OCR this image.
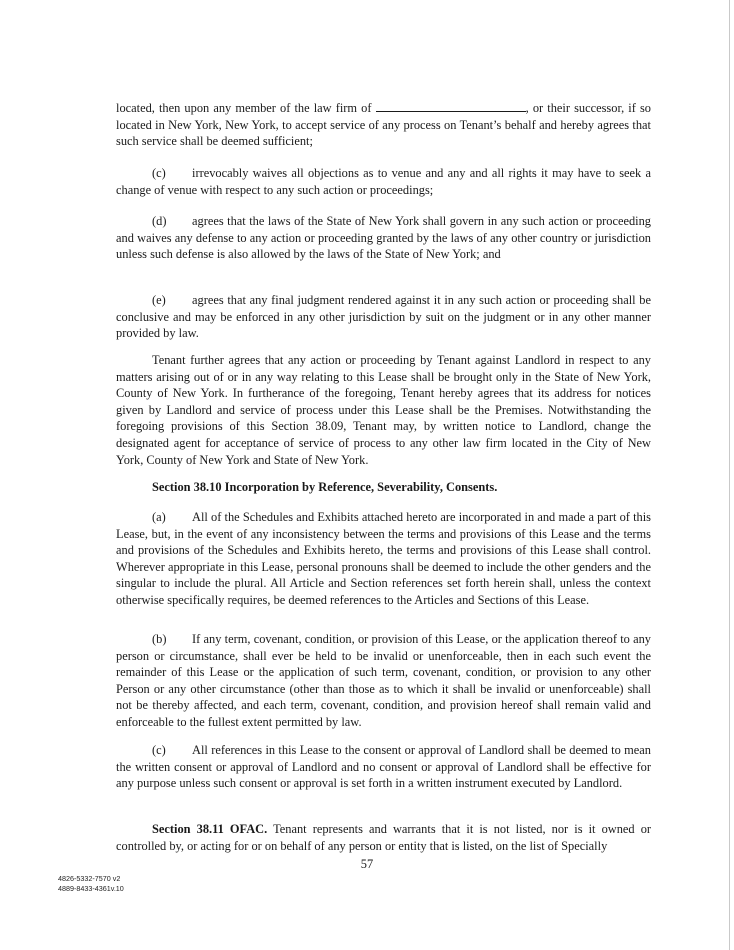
located, then upon any member of the law firm of	, or their successor, if so located in New York, New York, to accept service of any process on Tenant’s behalf and hereby agrees that such service shall be deemed sufficient;

(c) irrevocably waives all objections as to venue and any and all rights it may have to seek a change of venue with respect to any such action or proceedings;

(d) agrees that the laws of the State of New York shall govern in any such action or proceeding and waives any defense to any action or proceeding granted by the laws of any other country or jurisdiction unless such defense is also allowed by the laws of the State of New York; and

(e) agrees that any final judgment rendered against it in any such action or proceeding shall be conclusive and may be enforced in any other jurisdiction by suit on the judgment or in any other manner provided by law.

Tenant further agrees that any action or proceeding by Tenant against Landlord in respect to any matters arising out of or in any way relating to this Lease shall be brought only in the State of New York, County of New York. In furtherance of the foregoing, Tenant hereby agrees that its address for notices given by Landlord and service of process under this Lease shall be the Premises. Notwithstanding the foregoing provisions of this Section 38.09, Tenant may, by written notice to Landlord, change the designated agent for acceptance of service of process to any other law firm located in the City of New York, County of New York and State of New York.

Section 38.10 Incorporation by Reference, Severability, Consents.

(a) All of the Schedules and Exhibits attached hereto are incorporated in and made a part of this Lease, but, in the event of any inconsistency between the terms and provisions of this Lease and the terms and provisions of the Schedules and Exhibits hereto, the terms and provisions of this Lease shall control. Wherever appropriate in this Lease, personal pronouns shall be deemed to include the other genders and the singular to include the plural. All Article and Section references set forth herein shall, unless the context otherwise specifically requires, be deemed references to the Articles and Sections of this Lease.

(b) If any term, covenant, condition, or provision of this Lease, or the application thereof to any person or circumstance, shall ever be held to be invalid or unenforceable, then in each such event the remainder of this Lease or the application of such term, covenant, condition, or provision to any other Person or any other circumstance (other than those as to which it shall be invalid or unenforceable) shall not be thereby affected, and each term, covenant, condition, and provision hereof shall remain valid and enforceable to the fullest extent permitted by law.

(c) All references in this Lease to the consent or approval of Landlord shall be deemed to mean the written consent or approval of Landlord and no consent or approval of Landlord shall be effective for any purpose unless such consent or approval is set forth in a written instrument executed by Landlord.

Section 38.11 OFAC. Tenant represents and warrants that it is not listed, nor is it owned or controlled by, or acting for or on behalf of any person or entity that is listed, on the list of Specially

57
4826-5332-7570 v2
4889-8433-4361v.10
